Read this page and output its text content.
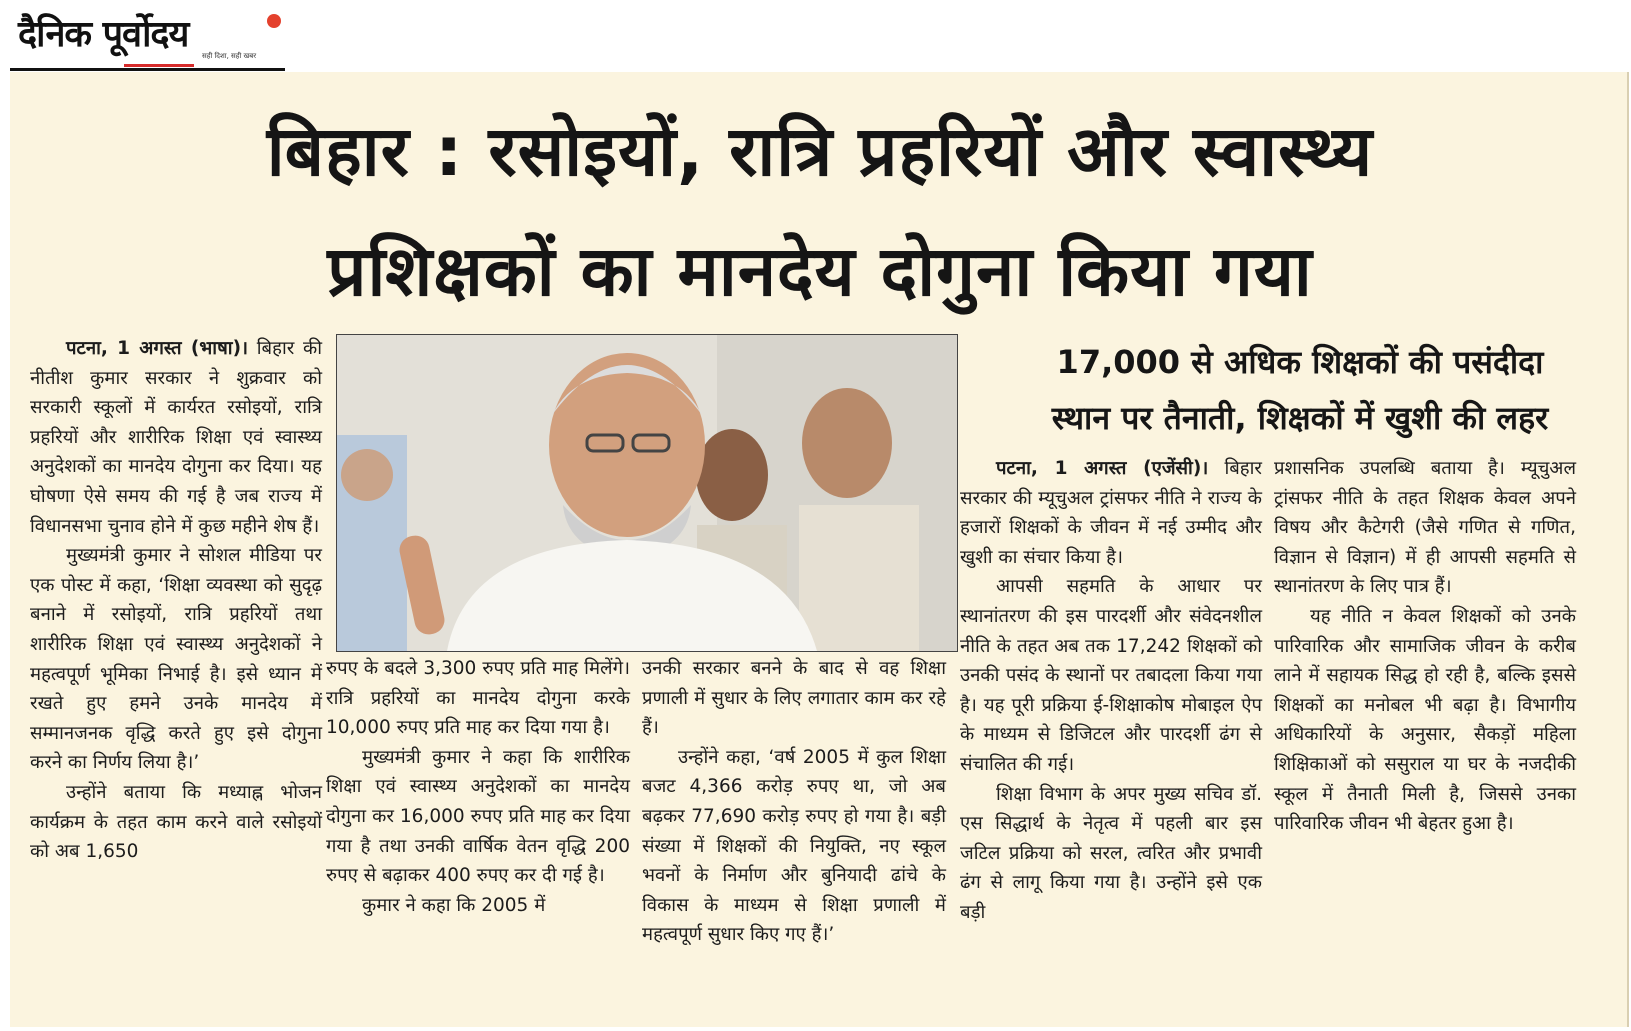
दैनिक पूर्वोदय
सही दिशा, सही खबर
बिहार : रसोइयों, रात्रि प्रहरियों और स्वास्थ्य
प्रशिक्षकों का मानदेय दोगुना किया गया

पटना, 1 अगस्त (भाषा)। बिहार की नीतीश कुमार सरकार ने शुक्रवार को सरकारी स्कूलों में कार्यरत रसोइयों, रात्रि प्रहरियों और शारीरिक शिक्षा एवं स्वास्थ्य अनुदेशकों का मानदेय दोगुना कर दिया। यह घोषणा ऐसे समय की गई है जब राज्य में विधानसभा चुनाव होने में कुछ महीने शेष हैं।

मुख्यमंत्री कुमार ने सोशल मीडिया पर एक पोस्ट में कहा, ‘शिक्षा व्यवस्था को सुदृढ़ बनाने में रसोइयों, रात्रि प्रहरियों तथा शारीरिक शिक्षा एवं स्वास्थ्य अनुदेशकों ने महत्वपूर्ण भूमिका निभाई है। इसे ध्यान में रखते हुए हमने उनके मानदेय में सम्मानजनक वृद्धि करते हुए इसे दोगुना करने का निर्णय लिया है।’

उन्होंने बताया कि मध्याह्न भोजन कार्यक्रम के तहत काम करने वाले रसोइयों को अब 1,650

रुपए के बदले 3,300 रुपए प्रति माह मिलेंगे। रात्रि प्रहरियों का मानदेय दोगुना करके 10,000 रुपए प्रति माह कर दिया गया है।

मुख्यमंत्री कुमार ने कहा कि शारीरिक शिक्षा एवं स्वास्थ्य अनुदेशकों का मानदेय दोगुना कर 16,000 रुपए प्रति माह कर दिया गया है तथा उनकी वार्षिक वेतन वृद्धि 200 रुपए से बढ़ाकर 400 रुपए कर दी गई है।

कुमार ने कहा कि 2005 में

उनकी सरकार बनने के बाद से वह शिक्षा प्रणाली में सुधार के लिए लगातार काम कर रहे हैं।

उन्होंने कहा, ‘वर्ष 2005 में कुल शिक्षा बजट 4,366 करोड़ रुपए था, जो अब बढ़कर 77,690 करोड़ रुपए हो गया है। बड़ी संख्या में शिक्षकों की नियुक्ति, नए स्कूल भवनों के निर्माण और बुनियादी ढांचे के विकास के माध्यम से शिक्षा प्रणाली में महत्वपूर्ण सुधार किए गए हैं।’

17,000 से अधिक शिक्षकों की पसंदीदा
स्थान पर तैनाती, शिक्षकों में खुशी की लहर

पटना, 1 अगस्त (एजेंसी)। बिहार सरकार की म्यूचुअल ट्रांसफर नीति ने राज्य के हजारों शिक्षकों के जीवन में नई उम्मीद और खुशी का संचार किया है।

आपसी सहमति के आधार पर स्थानांतरण की इस पारदर्शी और संवेदनशील नीति के तहत अब तक 17,242 शिक्षकों को उनकी पसंद के स्थानों पर तबादला किया गया है। यह पूरी प्रक्रिया ई-शिक्षाकोष मोबाइल ऐप के माध्यम से डिजिटल और पारदर्शी ढंग से संचालित की गई।

शिक्षा विभाग के अपर मुख्य सचिव डॉ. एस सिद्धार्थ के नेतृत्व में पहली बार इस जटिल प्रक्रिया को सरल, त्वरित और प्रभावी ढंग से लागू किया गया है। उन्होंने इसे एक बड़ी

प्रशासनिक उपलब्धि बताया है। म्यूचुअल ट्रांसफर नीति के तहत शिक्षक केवल अपने विषय और कैटेगरी (जैसे गणित से गणित, विज्ञान से विज्ञान) में ही आपसी सहमति से स्थानांतरण के लिए पात्र हैं।

यह नीति न केवल शिक्षकों को उनके पारिवारिक और सामाजिक जीवन के करीब लाने में सहायक सिद्ध हो रही है, बल्कि इससे शिक्षकों का मनोबल भी बढ़ा है। विभागीय अधिकारियों के अनुसार, सैकड़ों महिला शिक्षिकाओं को ससुराल या घर के नजदीकी स्कूल में तैनाती मिली है, जिससे उनका पारिवारिक जीवन भी बेहतर हुआ है।
